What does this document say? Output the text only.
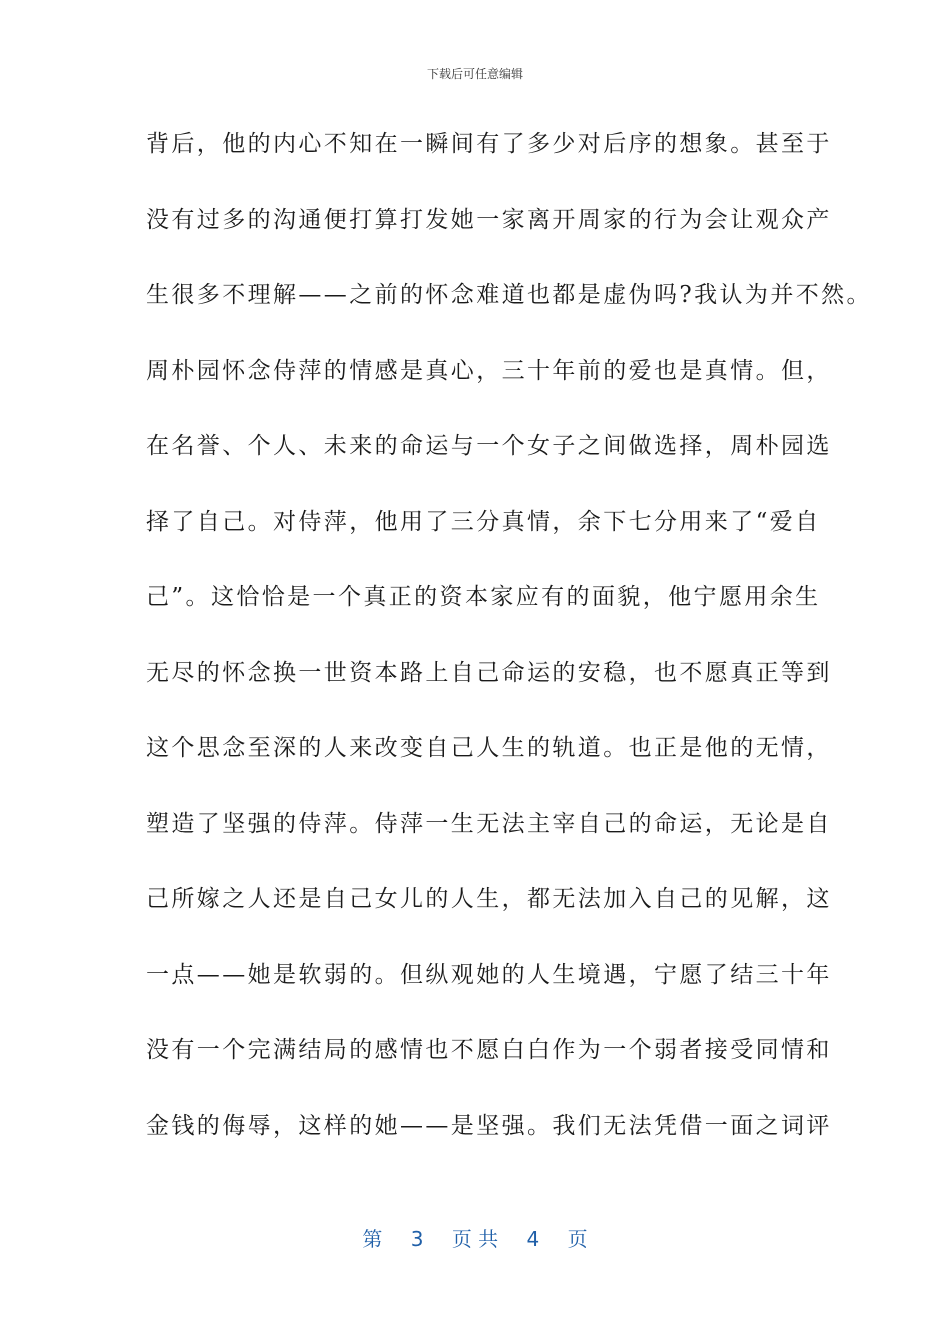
下载后可任意编辑
背后，他的内心不知在一瞬间有了多少对后序的想象。甚至于
没有过多的沟通便打算打发她一家离开周家的行为会让观众产
生很多不理解——之前的怀念难道也都是虚伪吗?我认为并不然。
周朴园怀念侍萍的情感是真心，三十年前的爱也是真情。但，
在名誉、个人、未来的命运与一个女子之间做选择，周朴园选
择了自己。对侍萍，他用了三分真情，余下七分用来了“爱自
己”。这恰恰是一个真正的资本家应有的面貌，他宁愿用余生
无尽的怀念换一世资本路上自己命运的安稳，也不愿真正等到
这个思念至深的人来改变自己人生的轨道。也正是他的无情，
塑造了坚强的侍萍。侍萍一生无法主宰自己的命运，无论是自
己所嫁之人还是自己女儿的人生，都无法加入自己的见解，这
一点——她是软弱的。但纵观她的人生境遇，宁愿了结三十年
没有一个完满结局的感情也不愿白白作为一个弱者接受同情和
金钱的侮辱，这样的她——是坚强。我们无法凭借一面之词评
第 3 页 共 4 页
